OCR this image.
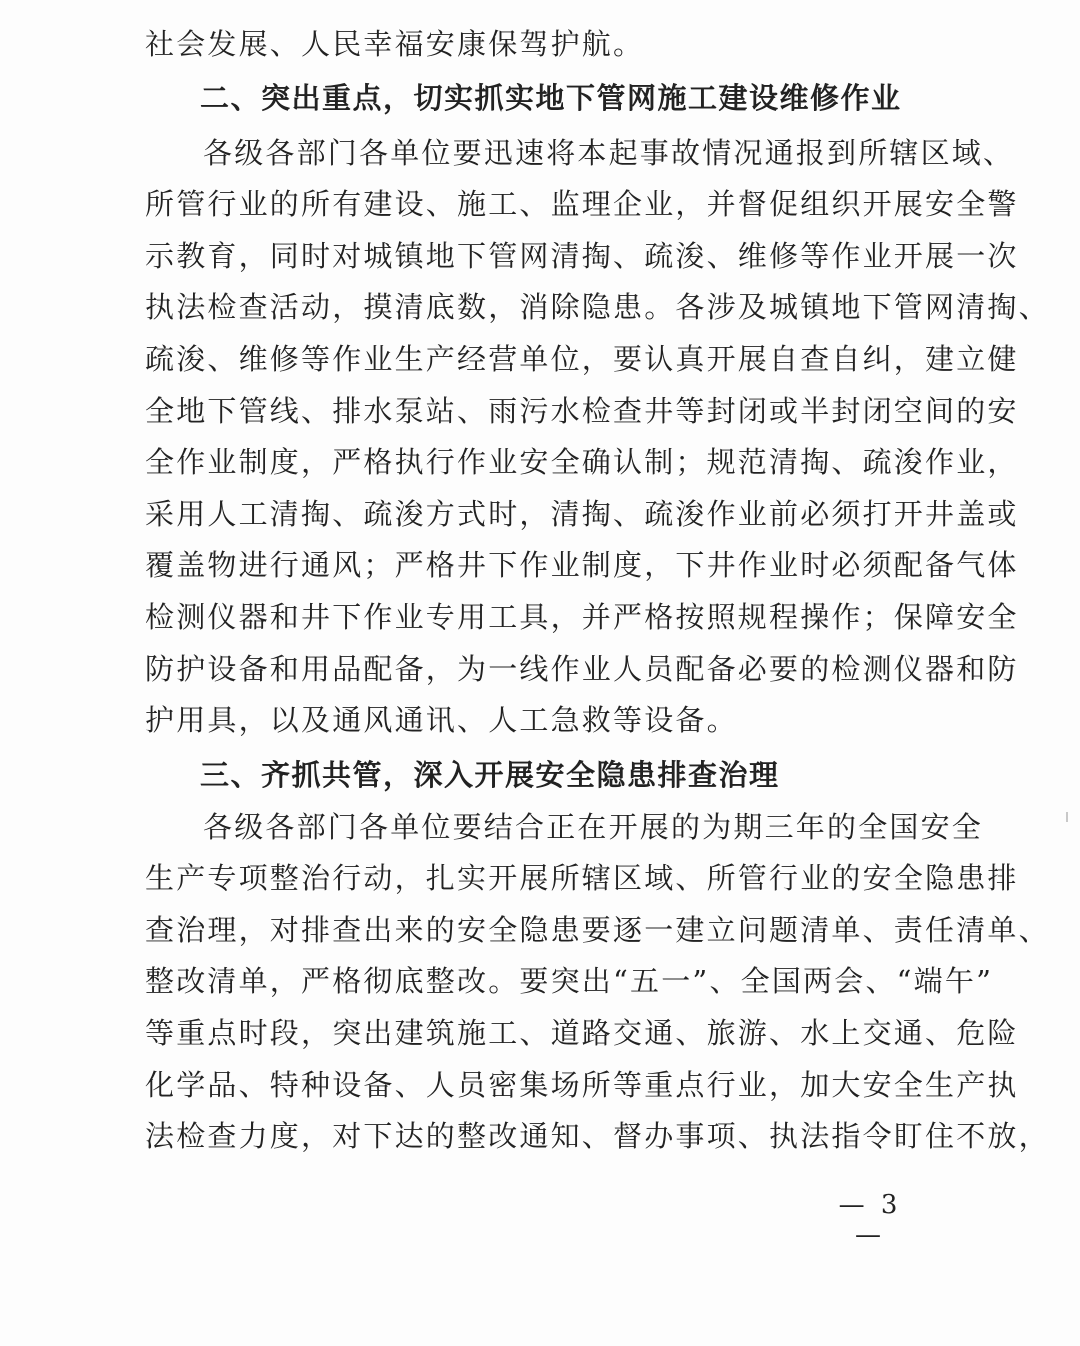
社会发展、人民幸福安康保驾护航。
二、突出重点，切实抓实地下管网施工建设维修作业
各级各部门各单位要迅速将本起事故情况通报到所辖区域、
所管行业的所有建设、施工、监理企业，并督促组织开展安全警
示教育，同时对城镇地下管网清掏、疏浚、维修等作业开展一次
执法检查活动，摸清底数，消除隐患。各涉及城镇地下管网清掏、
疏浚、维修等作业生产经营单位，要认真开展自查自纠，建立健
全地下管线、排水泵站、雨污水检查井等封闭或半封闭空间的安
全作业制度，严格执行作业安全确认制；规范清掏、疏浚作业，
采用人工清掏、疏浚方式时，清掏、疏浚作业前必须打开井盖或
覆盖物进行通风；严格井下作业制度，下井作业时必须配备气体
检测仪器和井下作业专用工具，并严格按照规程操作；保障安全
防护设备和用品配备，为一线作业人员配备必要的检测仪器和防
护用具，以及通风通讯、人工急救等设备。
三、齐抓共管，深入开展安全隐患排查治理
各级各部门各单位要结合正在开展的为期三年的全国安全
生产专项整治行动，扎实开展所辖区域、所管行业的安全隐患排
查治理，对排查出来的安全隐患要逐一建立问题清单、责任清单、
整改清单，严格彻底整改。要突出“五一”、全国两会、“端午”
等重点时段，突出建筑施工、道路交通、旅游、水上交通、危险
化学品、特种设备、人员密集场所等重点行业，加大安全生产执
法检查力度，对下达的整改通知、督办事项、执法指令盯住不放，
— 3 —
